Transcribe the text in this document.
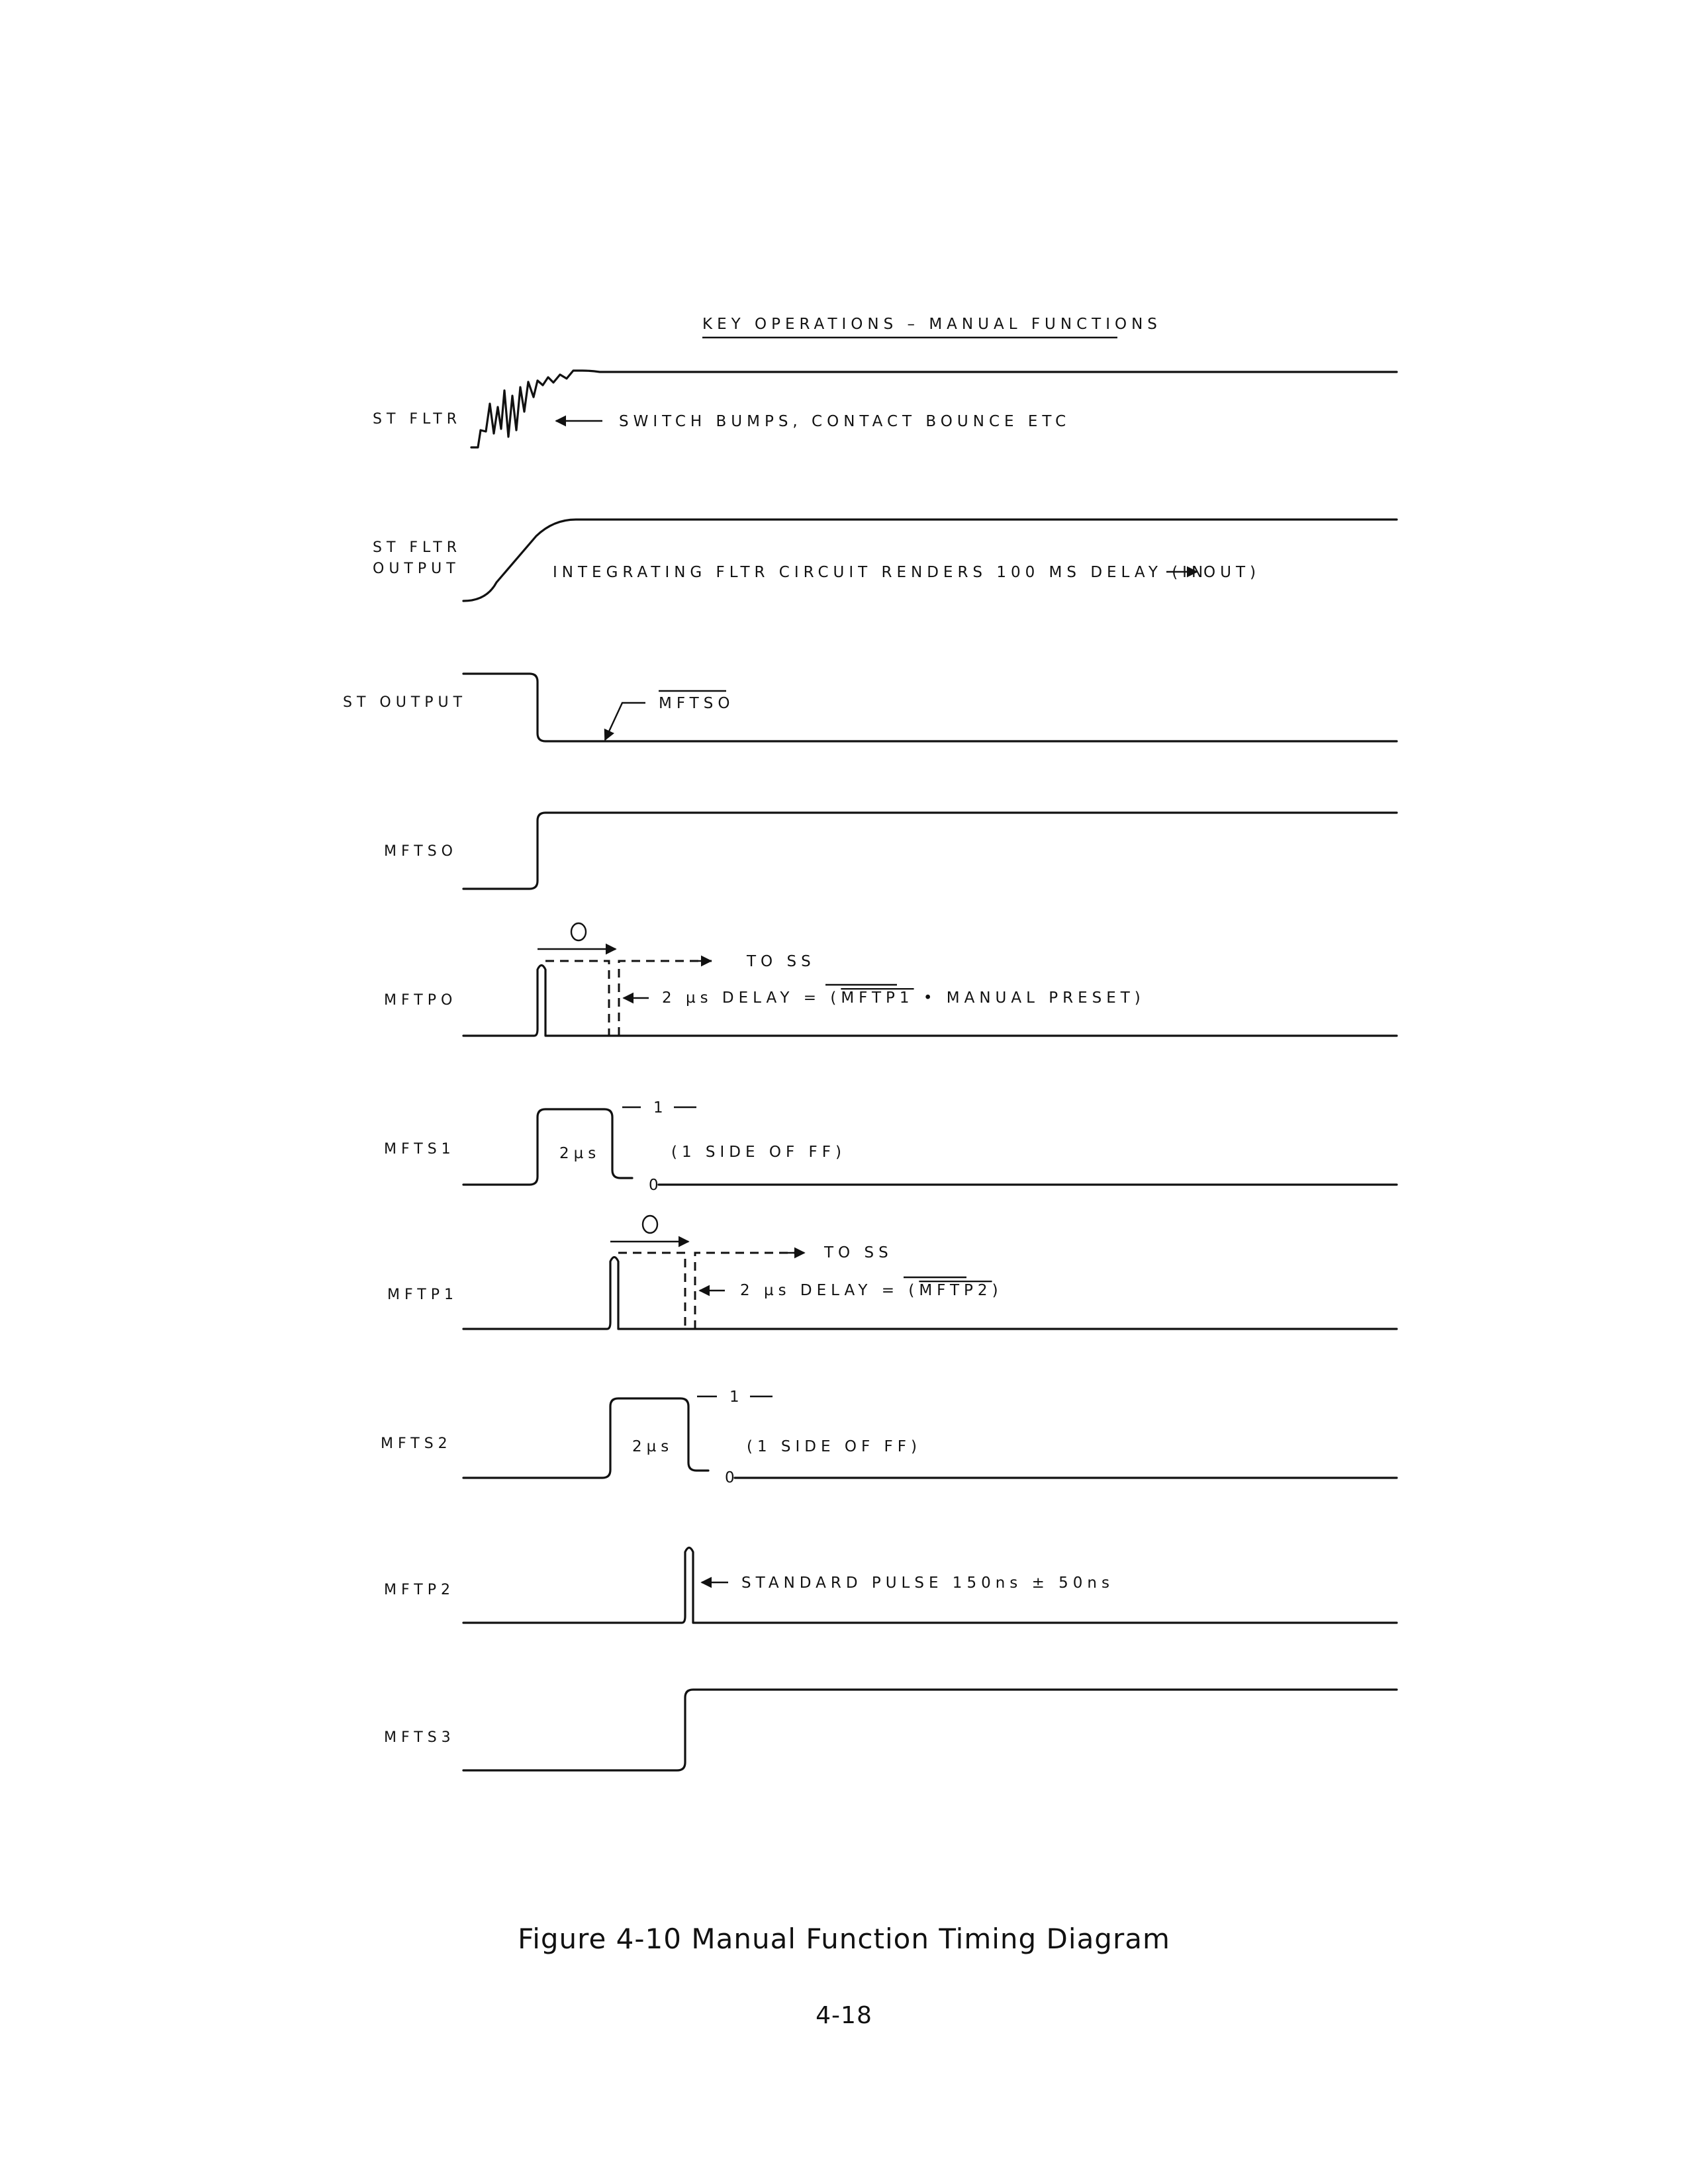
KEY OPERATIONS – MANUAL FUNCTIONS
ST FLTR
ST FLTR
OUTPUT
ST OUTPUT
MFTSO
MFTPO
MFTS1
MFTP1
MFTS2
MFTP2
MFTS3
SWITCH BUMPS, CONTACT BOUNCE ETC
INTEGRATING FLTR CIRCUIT RENDERS 100 MS DELAY (IN
OUT)
MFTSO
TO SS
2 µs DELAY = (MFTP1 • MANUAL PRESET)
2µs
1
(1 SIDE OF FF)
0
TO SS
2 µs DELAY = (MFTP2)
2µs
1
(1 SIDE OF FF)
0
STANDARD PULSE 150ns ± 50ns
Figure 4-10 Manual Function Timing Diagram
4-18
